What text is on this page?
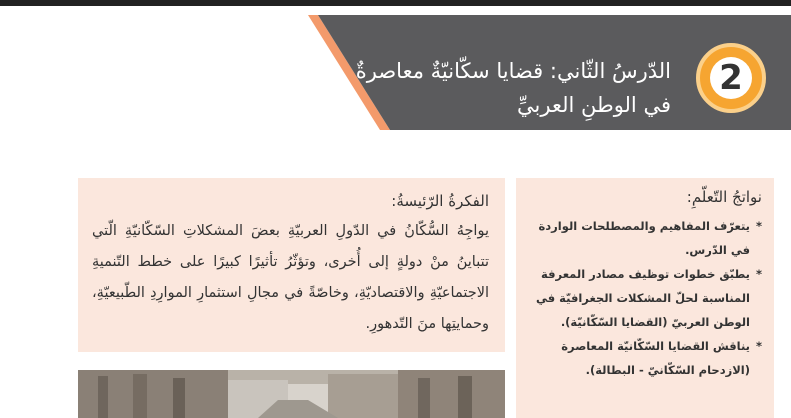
الدّرسُ الثّاني: قضايا سكّانيّةٌ معاصرةٌ
في الوطنِ العربيِّ
2
الفكرةُ الرّئيسةُ:
يواجِهُ السُّكّانُ في الدّولِ العربيّةِ بعضَ المشكلاتِ السّكّانيّةِ الّتي تتباينُ منْ دولةٍ إلى أُخرى، وتؤثّرُ تأثيرًا كبيرًا على خطط التّنميةِ الاجتماعيّةِ والاقتصاديّةِ، وخاصّةً في مجالِ استثمارِ الموارِدِ الطّبيعيّةِ، وحمايتِها منَ التّدهورِ.
نواتجُ التّعلّمِ:
* يتعرّف المفاهيم والمصطلحات الواردة في الدّرس.
* يطبّق خطوات توظيف مصادر المعرفة المناسبة لحلّ المشكلات الجغرافيّة في الوطن العربيّ (القضايا السّكّانيّة).
* يناقش القضايا السّكّانيّة المعاصرة (الازدحام السّكّانيّ - البطالة).
